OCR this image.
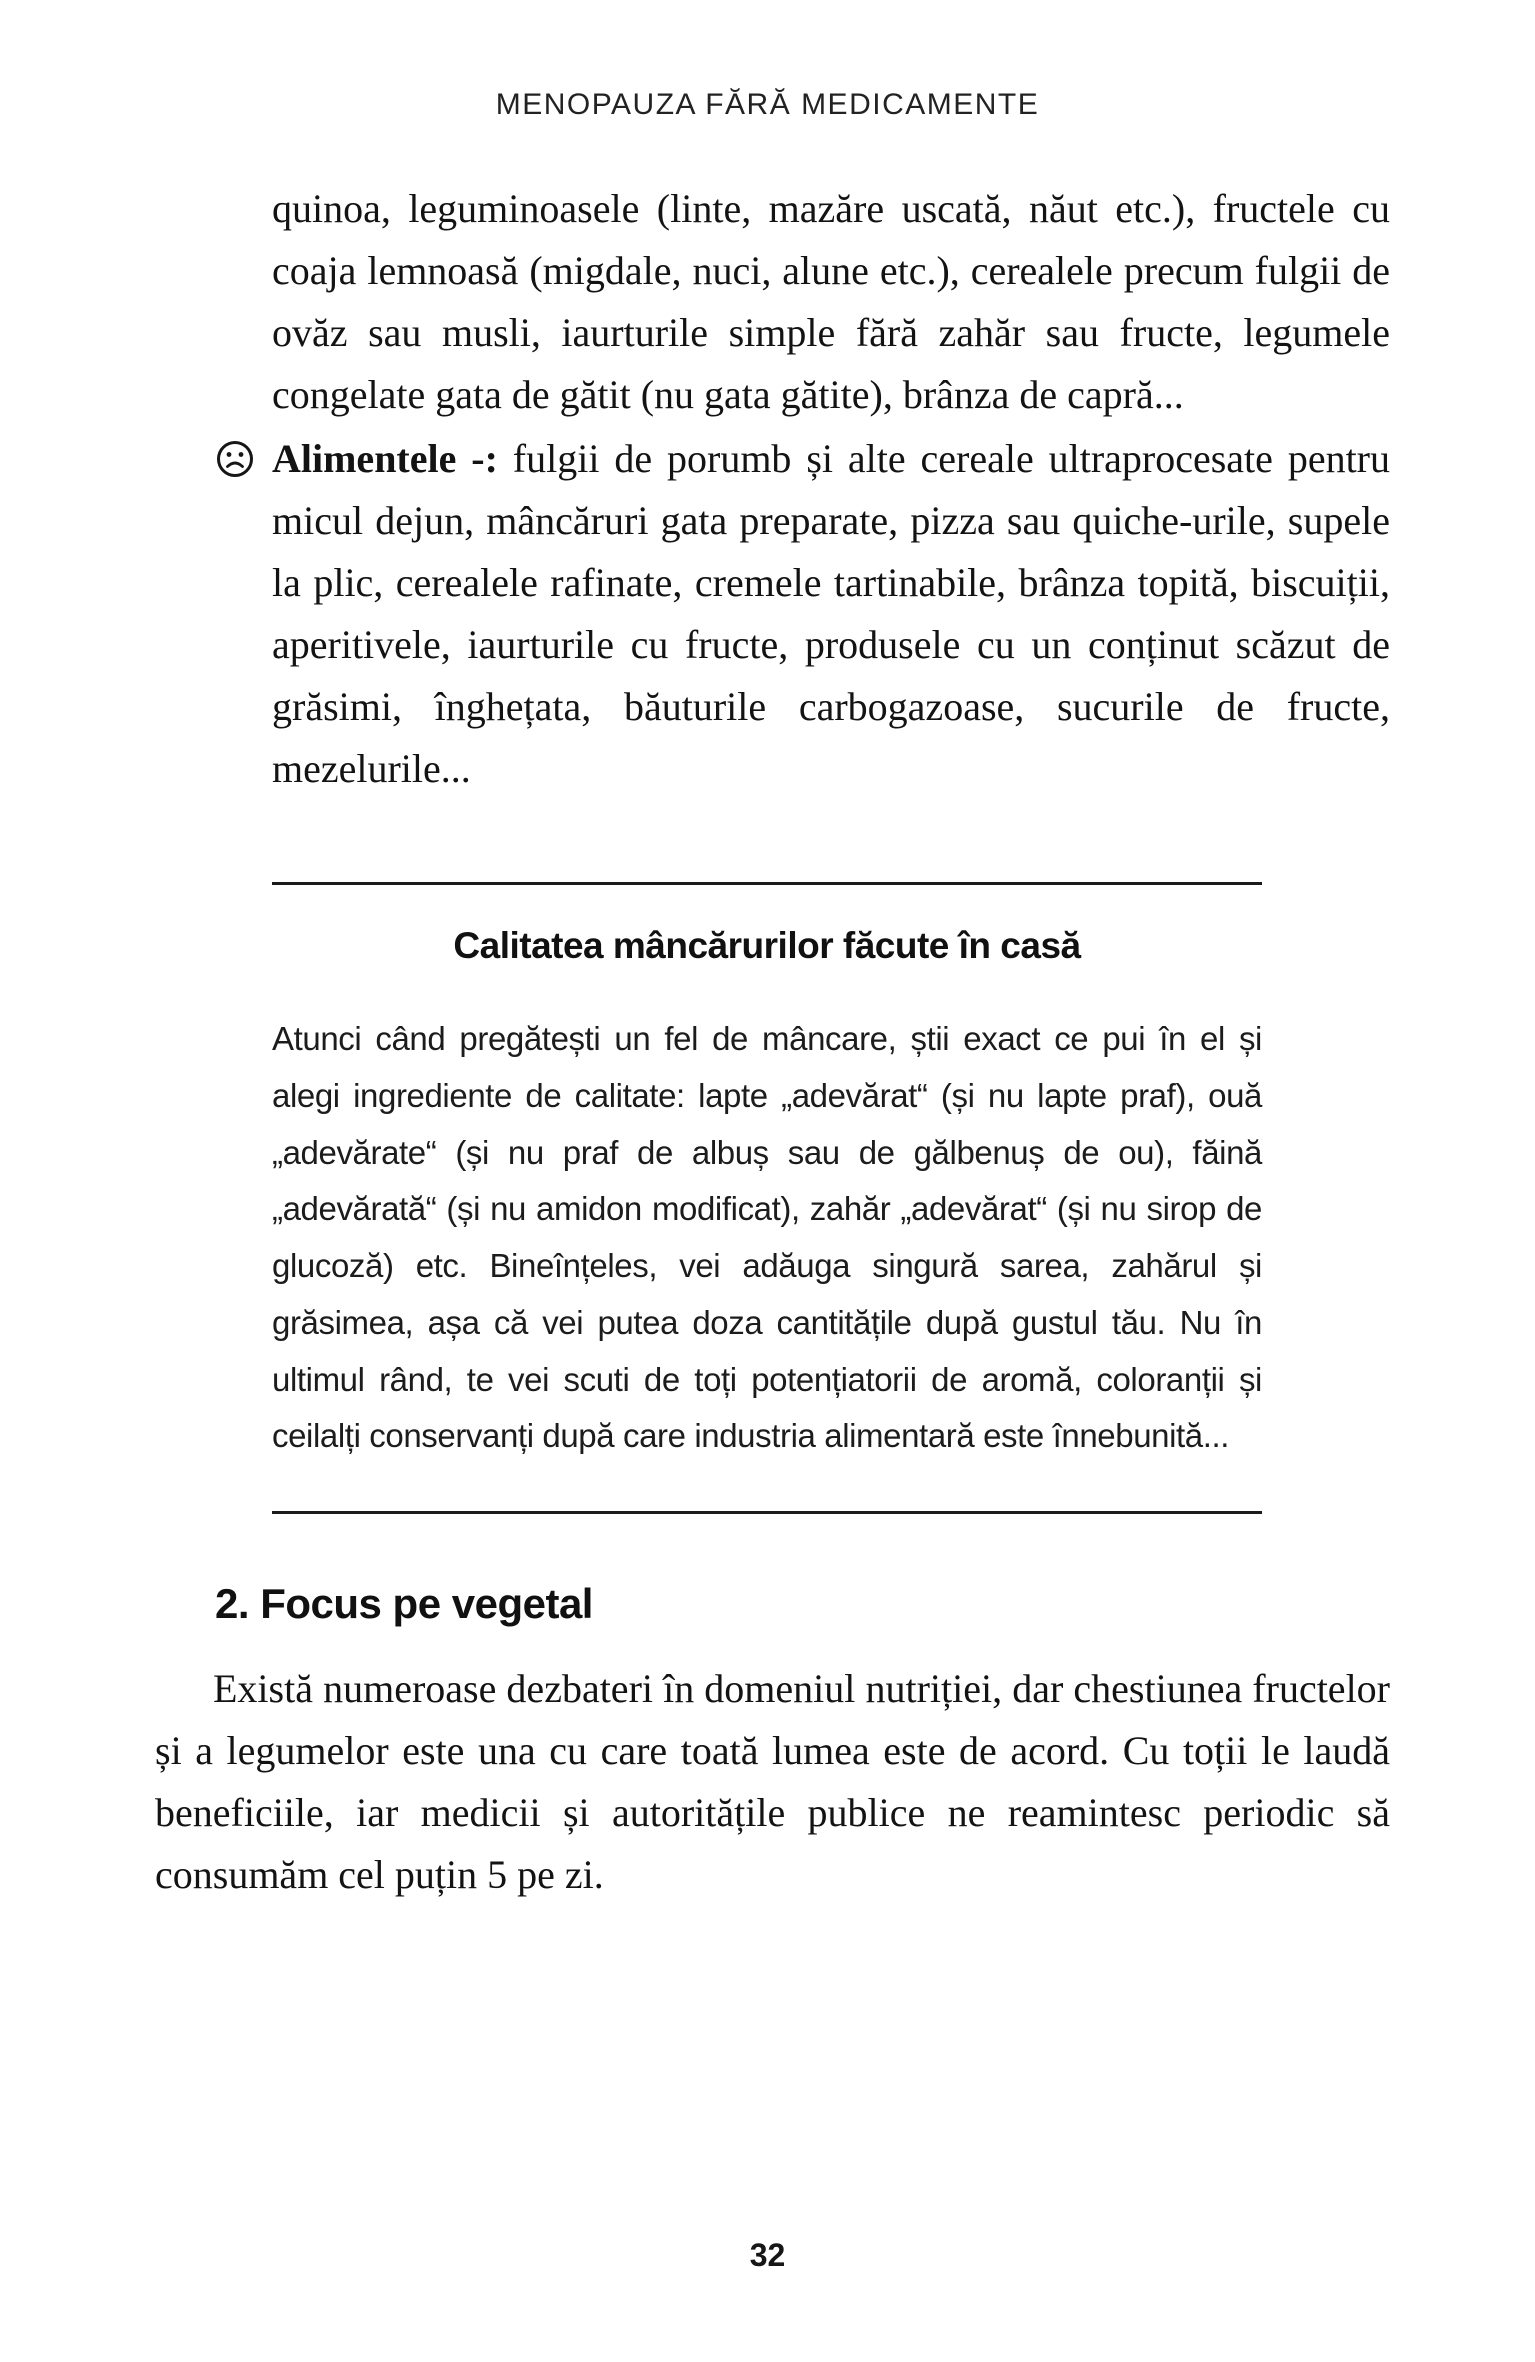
MENOPAUZA FĂRĂ MEDICAMENTE

quinoa, leguminoasele (linte, mazăre uscată, năut etc.), fructele cu coaja lemnoasă (migdale, nuci, alune etc.), cerealele precum fulgii de ovăz sau musli, iaurturile simple fără zahăr sau fructe, legumele congelate gata de gătit (nu gata gătite), brânza de capră...

Alimentele -: fulgii de porumb și alte cereale ultraprocesate pentru micul dejun, mâncăruri gata preparate, pizza sau quiche-urile, supele la plic, cerealele rafinate, cremele tartinabile, brânza topită, biscuiții, aperitivele, iaurturile cu fructe, produsele cu un conținut scăzut de grăsimi, înghețata, băuturile carbogazoase, sucurile de fructe, mezelurile...

Calitatea mâncărurilor făcute în casă

Atunci când pregătești un fel de mâncare, știi exact ce pui în el și alegi ingrediente de calitate: lapte „adevărat“ (și nu lapte praf), ouă „adevărate“ (și nu praf de albuș sau de gălbenuș de ou), făină „adevărată“ (și nu amidon modificat), zahăr „adevărat“ (și nu sirop de glucoză) etc. Bineînțeles, vei adăuga singură sarea, zahărul și grăsimea, așa că vei putea doza cantitățile după gustul tău. Nu în ultimul rând, te vei scuti de toți potențiatorii de aromă, coloranții și ceilalți conservanți după care industria alimentară este înnebunită...

2. Focus pe vegetal

Există numeroase dezbateri în domeniul nutriției, dar chestiunea fructelor și a legumelor este una cu care toată lumea este de acord. Cu toții le laudă beneficiile, iar medicii și autoritățile publice ne reamintesc periodic să consumăm cel puțin 5 pe zi.

32
